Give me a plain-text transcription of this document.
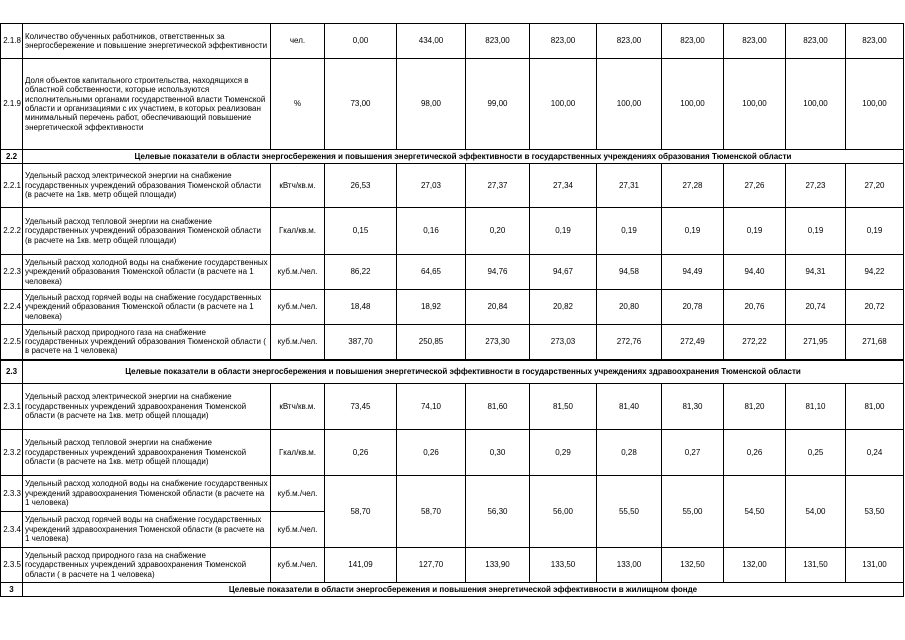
2.1.8	Количество обученных работников, ответственных за энергосбережение и повышение энергетической эффективности	чел.	0,00	434,00	823,00	823,00	823,00	823,00	823,00	823,00	823,00
2.1.9	Доля объектов капитального строительства, находящихся в областной собственности, которые используются исполнительными органами государственной власти Тюменской области и организациями с их участием, в которых реализован минимальный перечень работ, обеспечивающий повышение энергетической эффективности	%	73,00	98,00	99,00	100,00	100,00	100,00	100,00	100,00	100,00
2.2	Целевые показатели в области энергосбережения и повышения энергетической эффективности в государственных учреждениях образования Тюменской области										
2.2.1	Удельный расход электрической энергии на снабжение государственных учреждений образования Тюменской области (в расчете на 1кв. метр общей площади)	кВтч/кв.м.	26,53	27,03	27,37	27,34	27,31	27,28	27,26	27,23	27,20
2.2.2	Удельный расход тепловой энергии на снабжение государственных учреждений образования Тюменской области (в расчете на 1кв. метр общей площади)	Гкал/кв.м.	0,15	0,16	0,20	0,19	0,19	0,19	0,19	0,19	0,19
2.2.3	Удельный расход холодной воды на снабжение государственных учреждений образования Тюменской области (в расчете на 1 человека)	куб.м./чел.	86,22	64,65	94,76	94,67	94,58	94,49	94,40	94,31	94,22
2.2.4	Удельный расход горячей воды на снабжение государственных учреждений образования Тюменской области (в расчете на 1 человека)	куб.м./чел.	18,48	18,92	20,84	20,82	20,80	20,78	20,76	20,74	20,72
2.2.5	Удельный расход природного газа на снабжение государственных учреждений образования Тюменской области ( в расчете на 1 человека)	куб.м./чел.	387,70	250,85	273,30	273,03	272,76	272,49	272,22	271,95	271,68
2.3	Целевые показатели в области энергосбережения и повышения энергетической эффективности в государственных учреждениях здравоохранения Тюменской области										
2.3.1	Удельный расход электрической энергии на снабжение государственных учреждений здравоохранения Тюменской области (в расчете на 1кв. метр общей площади)	кВтч/кв.м.	73,45	74,10	81,60	81,50	81,40	81,30	81,20	81,10	81,00
2.3.2	Удельный расход тепловой энергии на снабжение государственных учреждений здравоохранения Тюменской области (в расчете на 1кв. метр общей площади)	Гкал/кв.м.	0,26	0,26	0,30	0,29	0,28	0,27	0,26	0,25	0,24
2.3.3	Удельный расход холодной воды на снабжение государственных учреждений здравоохранения Тюменской области (в расчете на 1 человека)	куб.м./чел.	58,70	58,70	56,30	56,00	55,50	55,00	54,50	54,00	53,50
2.3.4	Удельный расход горячей воды на снабжение государственных учреждений здравоохранения Тюменской области (в расчете на 1 человека)	куб.м./чел.									
2.3.5	Удельный расход природного газа на снабжение государственных учреждений здравоохранения Тюменской области ( в расчете на 1 человека)	куб.м./чел.	141,09	127,70	133,90	133,50	133,00	132,50	132,00	131,50	131,00
3	Целевые показатели в области энергосбережения и повышения энергетической эффективности в жилищном фонде										
